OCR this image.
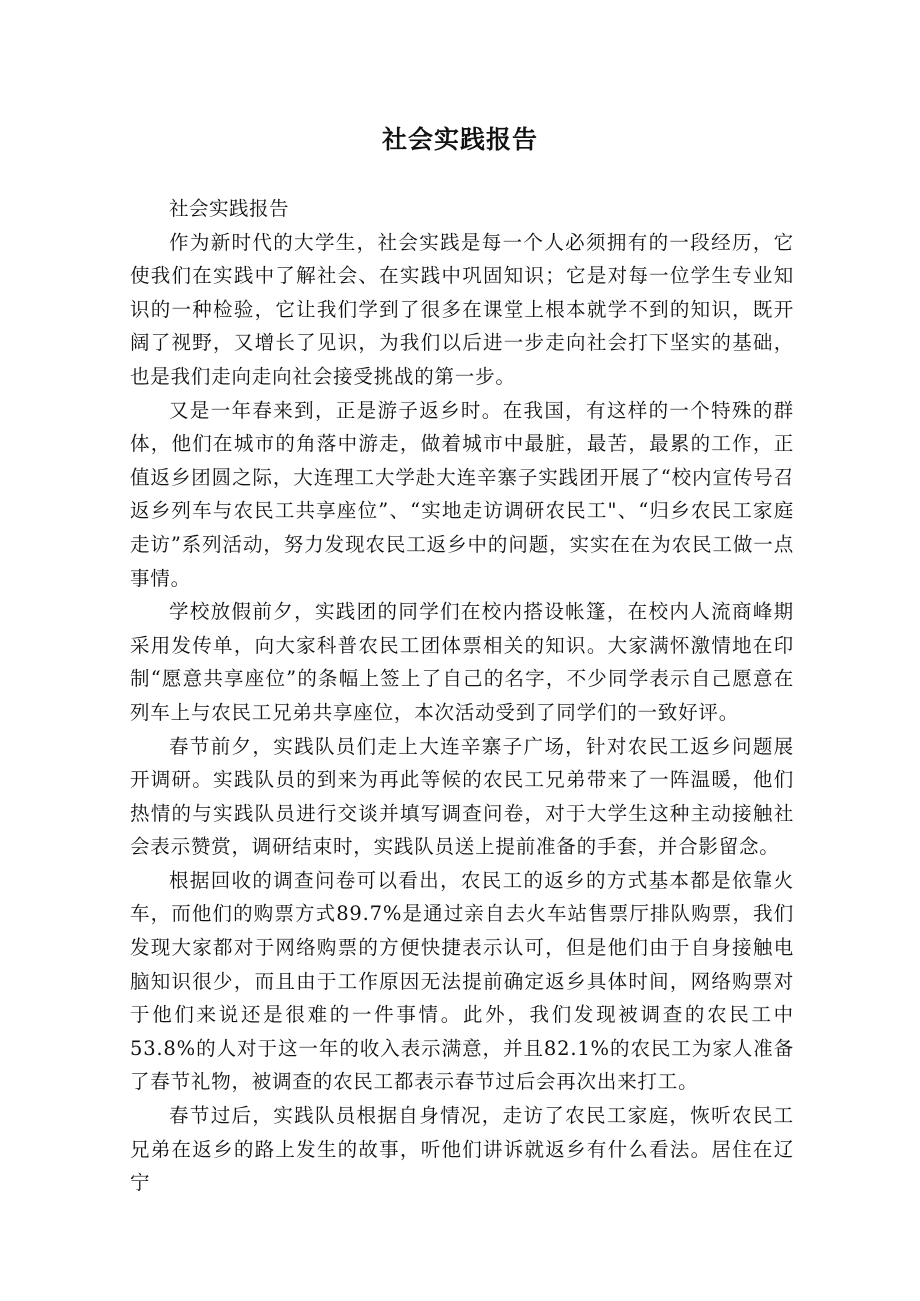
社会实践报告

社会实践报告

作为新时代的大学生，社会实践是每一个人必须拥有的一段经历，它使我们在实践中了解社会、在实践中巩固知识；它是对每一位学生专业知识的一种检验，它让我们学到了很多在课堂上根本就学不到的知识，既开阔了视野，又增长了见识，为我们以后进一步走向社会打下坚实的基础，也是我们走向走向社会接受挑战的第一步。

又是一年春来到，正是游子返乡时。在我国，有这样的一个特殊的群体，他们在城市的角落中游走，做着城市中最脏，最苦，最累的工作，正值返乡团圆之际，大连理工大学赴大连辛寨子实践团开展了“校内宣传号召返乡列车与农民工共享座位”、“实地走访调研农民工"、“归乡农民工家庭走访”系列活动，努力发现农民工返乡中的问题，实实在在为农民工做一点事情。

学校放假前夕，实践团的同学们在校内搭设帐篷，在校内人流商峰期采用发传单，向大家科普农民工团体票相关的知识。大家满怀激情地在印制“愿意共享座位”的条幅上签上了自己的名字，不少同学表示自己愿意在列车上与农民工兄弟共享座位，本次活动受到了同学们的一致好评。

春节前夕，实践队员们走上大连辛寨子广场，针对农民工返乡问题展开调研。实践队员的到来为再此等候的农民工兄弟带来了一阵温暖，他们热情的与实践队员进行交谈并填写调查问卷，对于大学生这种主动接触社会表示赞赏，调研结束时，实践队员送上提前准备的手套，并合影留念。

根据回收的调查问卷可以看出，农民工的返乡的方式基本都是依靠火车，而他们的购票方式89.7%是通过亲自去火车站售票厅排队购票，我们发现大家都对于网络购票的方便快捷表示认可，但是他们由于自身接触电脑知识很少，而且由于工作原因无法提前确定返乡具体时间，网络购票对于他们来说还是很难的一件事情。此外，我们发现被调查的农民工中53.8%的人对于这一年的收入表示满意，并且82.1%的农民工为家人准备了春节礼物，被调查的农民工都表示春节过后会再次出来打工。

春节过后，实践队员根据自身情况，走访了农民工家庭，恢听农民工兄弟在返乡的路上发生的故事，听他们讲诉就返乡有什么看法。居住在辽宁
